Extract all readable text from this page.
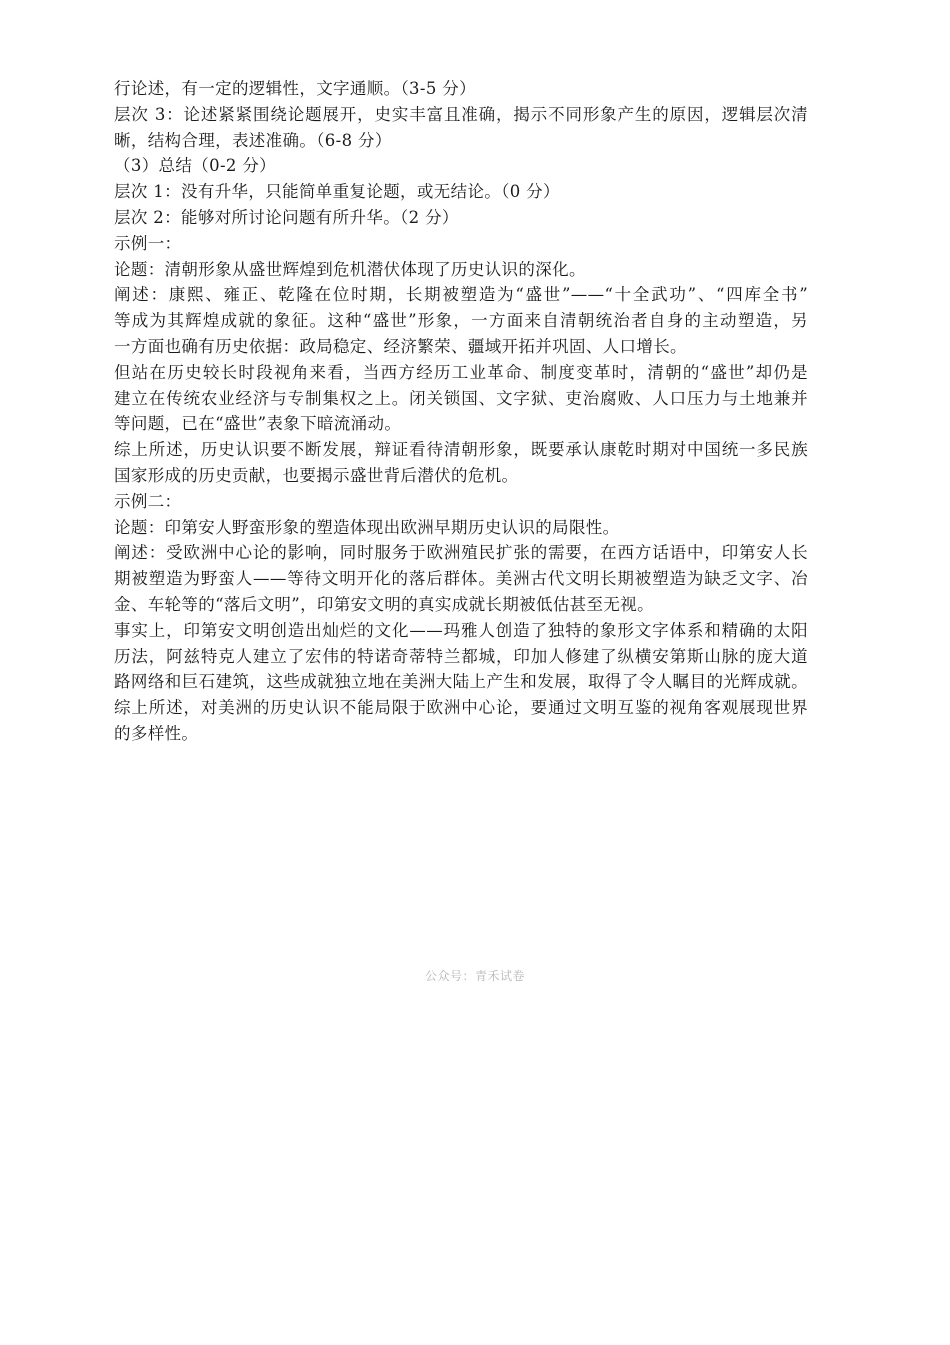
行论述，有一定的逻辑性，文字通顺。（3-5 分）
层次 3：论述紧紧围绕论题展开，史实丰富且准确，揭示不同形象产生的原因，逻辑层次清
晰，结构合理，表述准确。（6-8 分）
（3）总结（0-2 分）
层次 1：没有升华，只能简单重复论题，或无结论。（0 分）
层次 2：能够对所讨论问题有所升华。（2 分）
示例一：
论题：清朝形象从盛世辉煌到危机潜伏体现了历史认识的深化。
阐述：康熙、雍正、乾隆在位时期，长期被塑造为“盛世”——“十全武功”、“四库全书”
等成为其辉煌成就的象征。这种“盛世”形象，一方面来自清朝统治者自身的主动塑造，另
一方面也确有历史依据：政局稳定、经济繁荣、疆域开拓并巩固、人口增长。
但站在历史较长时段视角来看，当西方经历工业革命、制度变革时，清朝的“盛世”却仍是
建立在传统农业经济与专制集权之上。闭关锁国、文字狱、吏治腐败、人口压力与土地兼并
等问题，已在“盛世”表象下暗流涌动。
综上所述，历史认识要不断发展，辩证看待清朝形象，既要承认康乾时期对中国统一多民族
国家形成的历史贡献，也要揭示盛世背后潜伏的危机。
示例二：
论题：印第安人野蛮形象的塑造体现出欧洲早期历史认识的局限性。
阐述：受欧洲中心论的影响，同时服务于欧洲殖民扩张的需要，在西方话语中，印第安人长
期被塑造为野蛮人——等待文明开化的落后群体。美洲古代文明长期被塑造为缺乏文字、冶
金、车轮等的“落后文明”，印第安文明的真实成就长期被低估甚至无视。
事实上，印第安文明创造出灿烂的文化——玛雅人创造了独特的象形文字体系和精确的太阳
历法，阿兹特克人建立了宏伟的特诺奇蒂特兰都城，印加人修建了纵横安第斯山脉的庞大道
路网络和巨石建筑，这些成就独立地在美洲大陆上产生和发展，取得了令人瞩目的光辉成就。
综上所述，对美洲的历史认识不能局限于欧洲中心论，要通过文明互鉴的视角客观展现世界
的多样性。
公众号：青禾试卷
